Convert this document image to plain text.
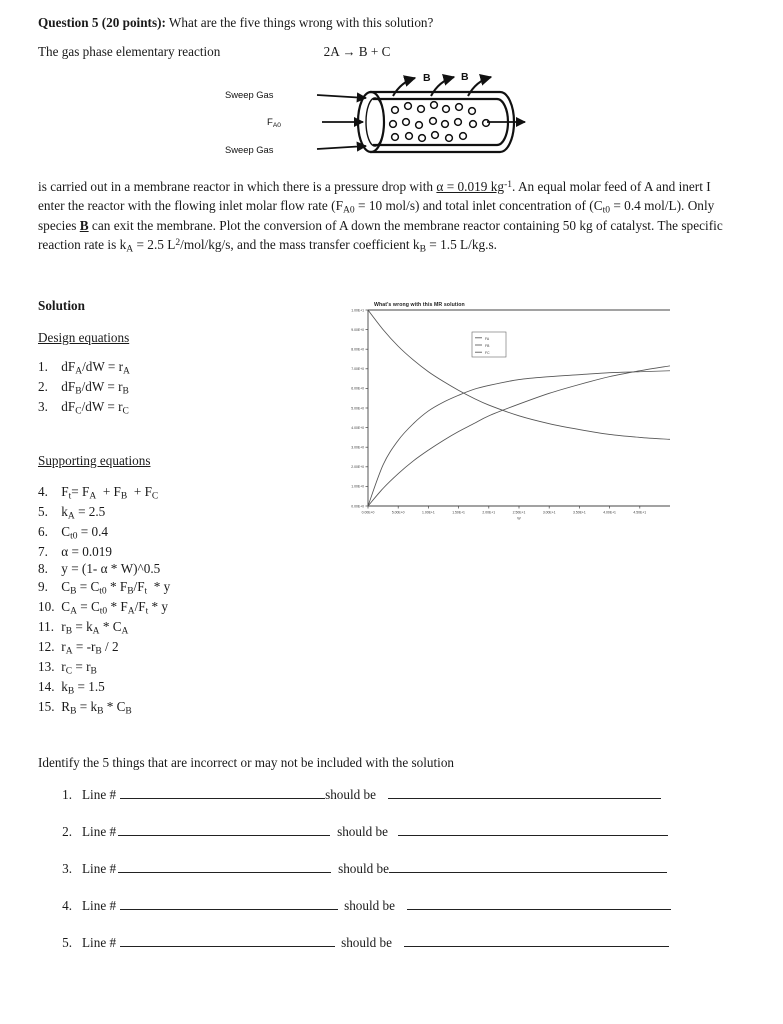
Question 5 (20 points): What are the five things wrong with this solution?
The gas phase elementary reaction	2A → B + C
Sweep Gas
Sweep Gas
$F_{A0}$
B	B
is carried out in a membrane reactor in which there is a pressure drop with α = 0.019 $kg^{-1}$. An equal molar feed of A and inert I enter the reactor with the flowing inlet molar flow rate ($F_{A0} = 10$ mol/s) and total inlet concentration of ($C_{t0} = 0.4$ mol/L). Only species B can exit the membrane. Plot the conversion of A down the membrane reactor containing 50 kg of catalyst. The specific reaction rate is $k_A = 2.5$ $L^2/mol/kg/s$, and the mass transfer coefficient $k_B = 1.5$ L/kg.s.
Solution
Design equations
1. $dF_A/dW = r_A$
2. $dF_B/dW = r_B$
3. $dF_C/dW = r_C$
Supporting equations
4. $F_t= F_A + F_B + F_C$
5. $k_A = 2.5$
6. $C_{t0} = 0.4$
7. α = 0.019
8. y = (1- α * W)^0.5
9. $C_B = C_{t0} * F_B/F_t * y$
10. $C_A = C_{t0} * F_A/F_t * y$
11. $r_B = k_A * C_A$
12. $r_A = -r_B / 2$
13. $r_C = r_B$
14. $k_B = 1.5$
15. $R_B = k_B * C_B$
What's wrong with this MR solution
0.00E+0
1.00E+0
2.00E+0
3.00E+0
4.00E+0
5.00E+0
6.00E+0
7.00E+0
8.00E+0
9.00E+0
1.00E+1
0.00E+0	5.00E+0	1.00E+1	1.50E+1	2.00E+1	2.50E+1	3.00E+1	3.50E+1	4.00E+1	4.50E+1
W
FA
FB
FC
Identify the 5 things that are incorrect or may not be included with the solution
1. Line #	should be
2. Line #	should be
3. Line #	should be
4. Line #	should be
5. Line #	should be
